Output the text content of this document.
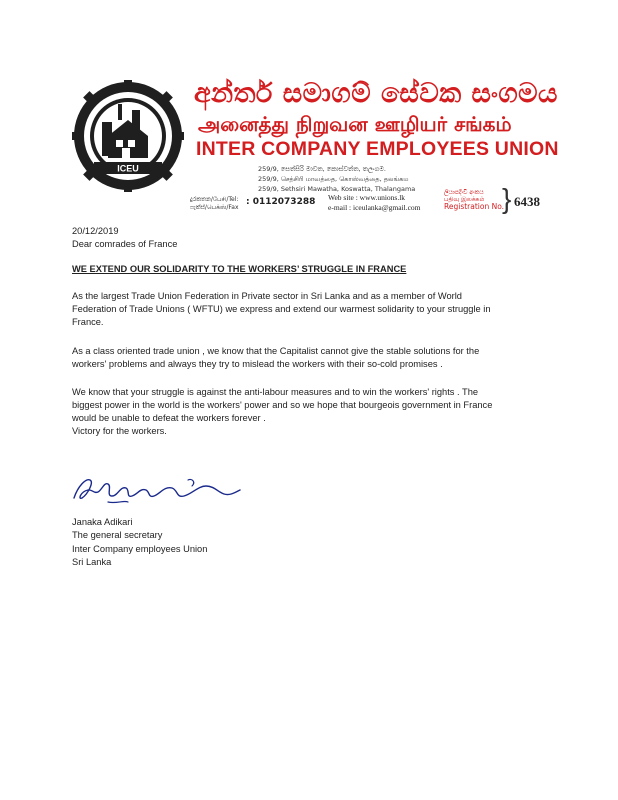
ICEU
අන්තර් සමාගම් සේවක සංගමය
அனைத்து நிறுவன ஊழியர் சங்கம்
INTER COMPANY EMPLOYEES UNION
259/9, සෙත්සිරි මාවත, කොස්වත්ත, තලංගම.
259/9, செத்சிரி மாவத்தை, கொஸ்வத்தை, தலங்கம
259/9, Sethsiri Mawatha, Koswatta, Thalangama
දුරකතන/பேசி/Tel:
ෆැක්ස්/பெக்ஸ்/Fax
: 0112073288 Web site : www.unions.lk
e-mail : iceulanka@gmail.com
ලියාපදිංචි අංකය
பதிவு இலக்கம்
Registration No.
} 6438
20/12/2019
Dear comrades of France
WE EXTEND OUR SOLIDARITY TO THE WORKERS’ STRUGGLE IN FRANCE
As the largest Trade Union Federation in Private sector in Sri Lanka and as a member of World
Federation of Trade Unions ( WFTU) we express and extend our warmest solidarity to your struggle in
France.
As a class oriented trade union , we know that the Capitalist cannot give the stable solutions for the
workers' problems and always they try to mislead the workers with their so-cold promises .
We know that your struggle is against the anti-labour measures and to win the workers' rights . The
biggest power in the world is the workers' power and so we hope that bourgeois government in France
would be unable to defeat the workers forever .
Victory for the workers.
Janaka Adikari
The general secretary
Inter Company employees Union
Sri Lanka
